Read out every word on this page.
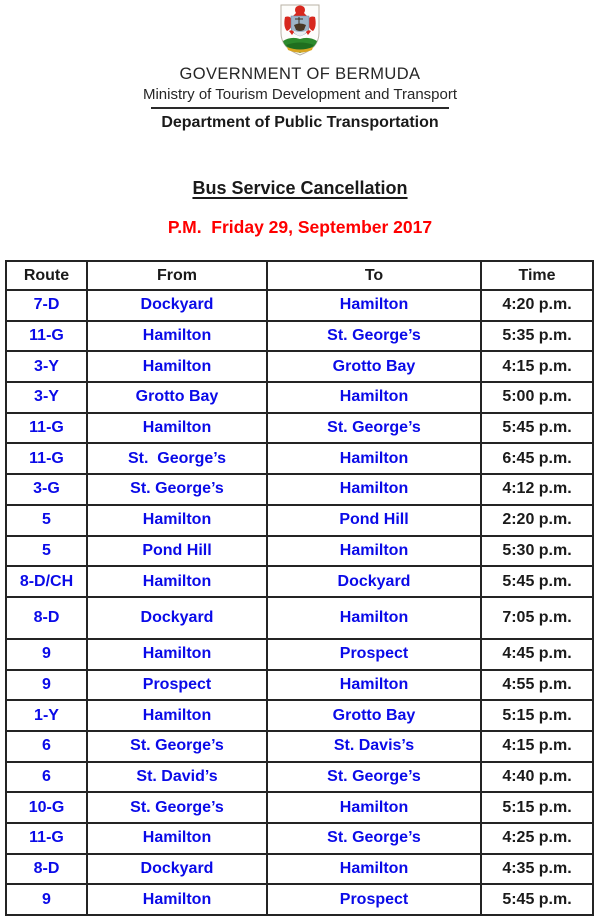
GOVERNMENT OF BERMUDA
Ministry of Tourism Development and Transport
Department of Public Transportation
Bus Service Cancellation
P.M.  Friday 29, September 2017
Route	From	To	Time
7-D	Dockyard	Hamilton	4:20 p.m.
11-G	Hamilton	St. George’s	5:35 p.m.
3-Y	Hamilton	Grotto Bay	4:15 p.m.
3-Y	Grotto Bay	Hamilton	5:00 p.m.
11-G	Hamilton	St. George’s	5:45 p.m.
11-G	St.  George’s	Hamilton	6:45 p.m.
3-G	St. George’s	Hamilton	4:12 p.m.
5	Hamilton	Pond Hill	2:20 p.m.
5	Pond Hill	Hamilton	5:30 p.m.
8-D/CH	Hamilton	Dockyard	5:45 p.m.
8-D	Dockyard	Hamilton	7:05 p.m.
9	Hamilton	Prospect	4:45 p.m.
9	Prospect	Hamilton	4:55 p.m.
1-Y	Hamilton	Grotto Bay	5:15 p.m.
6	St. George’s	St. Davis’s	4:15 p.m.
6	St. David’s	St. George’s	4:40 p.m.
10-G	St. George’s	Hamilton	5:15 p.m.
11-G	Hamilton	St. George’s	4:25 p.m.
8-D	Dockyard	Hamilton	4:35 p.m.
9	Hamilton	Prospect	5:45 p.m.
